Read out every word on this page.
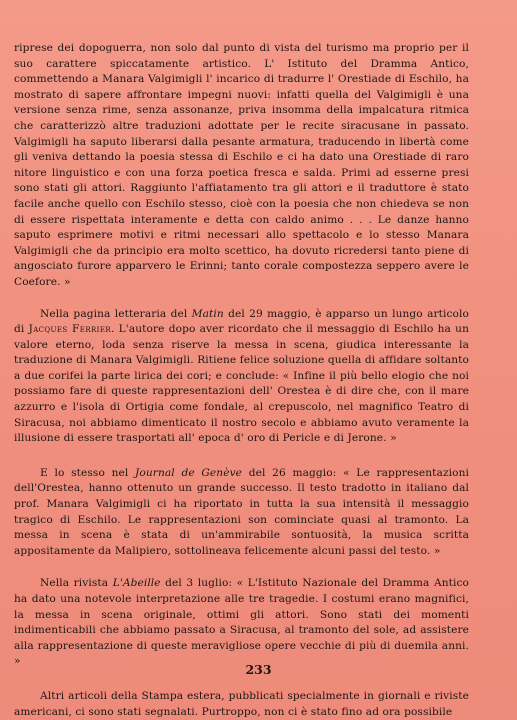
riprese dei dopoguerra, non solo dal punto di vista del turismo ma proprio per il suo carattere spiccatamente artistico. L' Istituto del Dramma Antico, commettendo a Manara Valgimigli l' incarico di tradurre l' Orestiade di Eschilo, ha mostrato di sapere affrontare impegni nuovi: infatti quella del Valgimigli è una versione senza rime, senza assonanze, priva insomma della impalcatura ritmica che caratterizzò altre traduzioni adottate per le recite siracusane in passato. Valgimigli ha saputo liberarsi dalla pesante armatura, traducendo in libertà come gli veniva dettando la poesia stessa di Eschilo e ci ha dato una Orestiade di raro nitore linguistico e con una forza poetica fresca e salda. Primi ad esserne presi sono stati gli attori. Raggiunto l'affiatamento tra gli attori e il traduttore è stato facile anche quello con Eschilo stesso, cioè con la poesia che non chiedeva se non di essere rispettata interamente e detta con caldo animo . . . Le danze hanno saputo esprimere motivi e ritmi necessari allo spettacolo e lo stesso Manara Valgimigli che da principio era molto scettico, ha dovuto ricredersi tanto piene di angosciato furore apparvero le Erinni; tanto corale compostezza seppero avere le Coefore. »

Nella pagina letteraria del Matin del 29 maggio, è apparso un lungo articolo di Jacques Ferrier. L'autore dopo aver ricordato che il messaggio di Eschilo ha un valore eterno, loda senza riserve la messa in scena, giudica interessante la traduzione di Manara Valgimigli. Ritiene felice soluzione quella di affidare soltanto a due corifei la parte lirica dei cori; e conclude: « Infine il più bello elogio che noi possiamo fare di queste rappresentazioni dell' Orestea è di dire che, con il mare azzurro e l'isola di Ortigia come fondale, al crepuscolo, nel magnifico Teatro di Siracusa, noi abbiamo dimenticato il nostro secolo e abbiamo avuto veramente la illusione di essere trasportati all' epoca d' oro di Pericle e di Jerone. »

E lo stesso nel Journal de Genève del 26 maggio: « Le rappresentazioni dell'Orestea, hanno ottenuto un grande successo. Il testo tradotto in italiano dal prof. Manara Valgimigli ci ha riportato in tutta la sua intensità il messaggio tragico di Eschilo. Le rappresentazioni son cominciate quasi al tramonto. La messa in scena è stata di un'ammirabile sontuosità, la musica scritta appositamente da Malipiero, sottolineava felicemente alcuni passi del testo. »

Nella rivista L'Abeille del 3 luglio: « L'Istituto Nazionale del Dramma Antico ha dato una notevole interpretazione alle tre tragedie. I costumi erano magnifici, la messa in scena originale, ottimi gli attori. Sono stati dei momenti indimenticabili che abbiamo passato a Siracusa, al tramonto del sole, ad assistere alla rappresentazione di queste meravigliose opere vecchie di più di duemila anni. »

Altri articoli della Stampa estera, pubblicati specialmente in giornali e riviste americani, ci sono stati segnalati. Purtroppo, non ci è stato fino ad ora possibile

233
